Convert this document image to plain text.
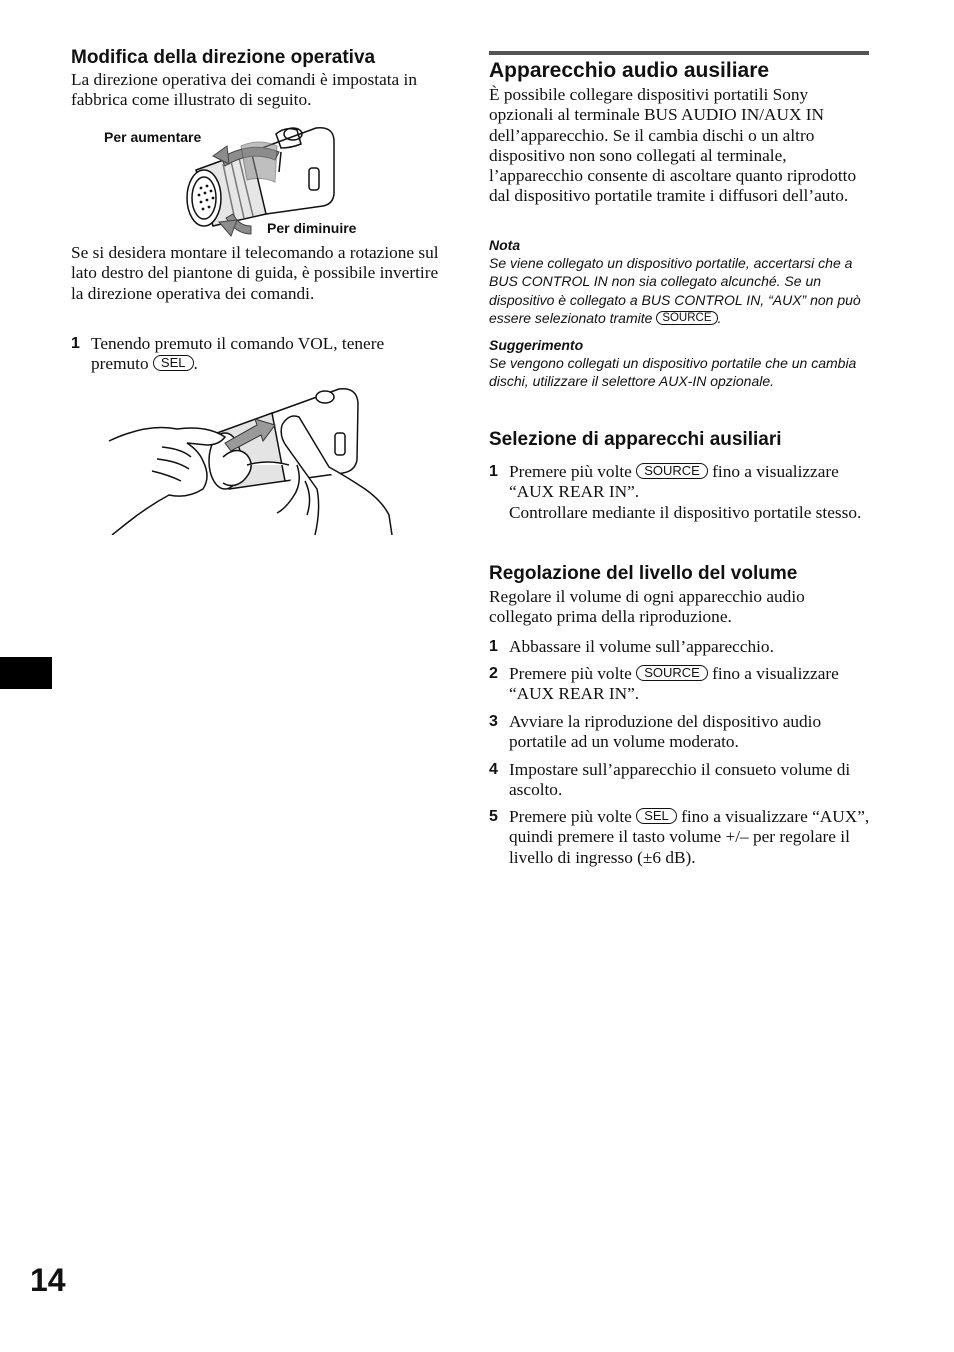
Modifica della direzione operativa

La direzione operativa dei comandi è impostata in fabbrica come illustrato di seguito.

Per aumentare
Per diminuire

Se si desidera montare il telecomando a rotazione sul lato destro del piantone di guida, è possibile invertire la direzione operativa dei comandi.

1 Tenendo premuto il comando VOL, tenere premuto SEL .
Apparecchio audio ausiliare

È possibile collegare dispositivi portatili Sony opzionali al terminale BUS AUDIO IN/AUX IN dell’apparecchio. Se il cambia dischi o un altro dispositivo non sono collegati al terminale, l’apparecchio consente di ascoltare quanto riprodotto dal dispositivo portatile tramite i diffusori dell’auto.

Nota

Se viene collegato un dispositivo portatile, accertarsi che a BUS CONTROL IN non sia collegato alcunché. Se un dispositivo è collegato a BUS CONTROL IN, “AUX” non può essere selezionato tramite SOURCE .

Suggerimento

Se vengono collegati un dispositivo portatile che un cambia dischi, utilizzare il selettore AUX-IN opzionale.

Selezione di apparecchi ausiliari
1 Premere più volte SOURCE fino a visualizzare “AUX REAR IN”.
Controllare mediante il dispositivo portatile stesso.
Regolazione del livello del volume

Regolare il volume di ogni apparecchio audio collegato prima della riproduzione.

1 Abbassare il volume sull’apparecchio.
2 Premere più volte SOURCE fino a visualizzare “AUX REAR IN”.
3 Avviare la riproduzione del dispositivo audio portatile ad un volume moderato.
4 Impostare sull’apparecchio il consueto volume di ascolto.
5 Premere più volte SEL fino a visualizzare “AUX”, quindi premere il tasto volume +/– per regolare il livello di ingresso (±6 dB).
14
